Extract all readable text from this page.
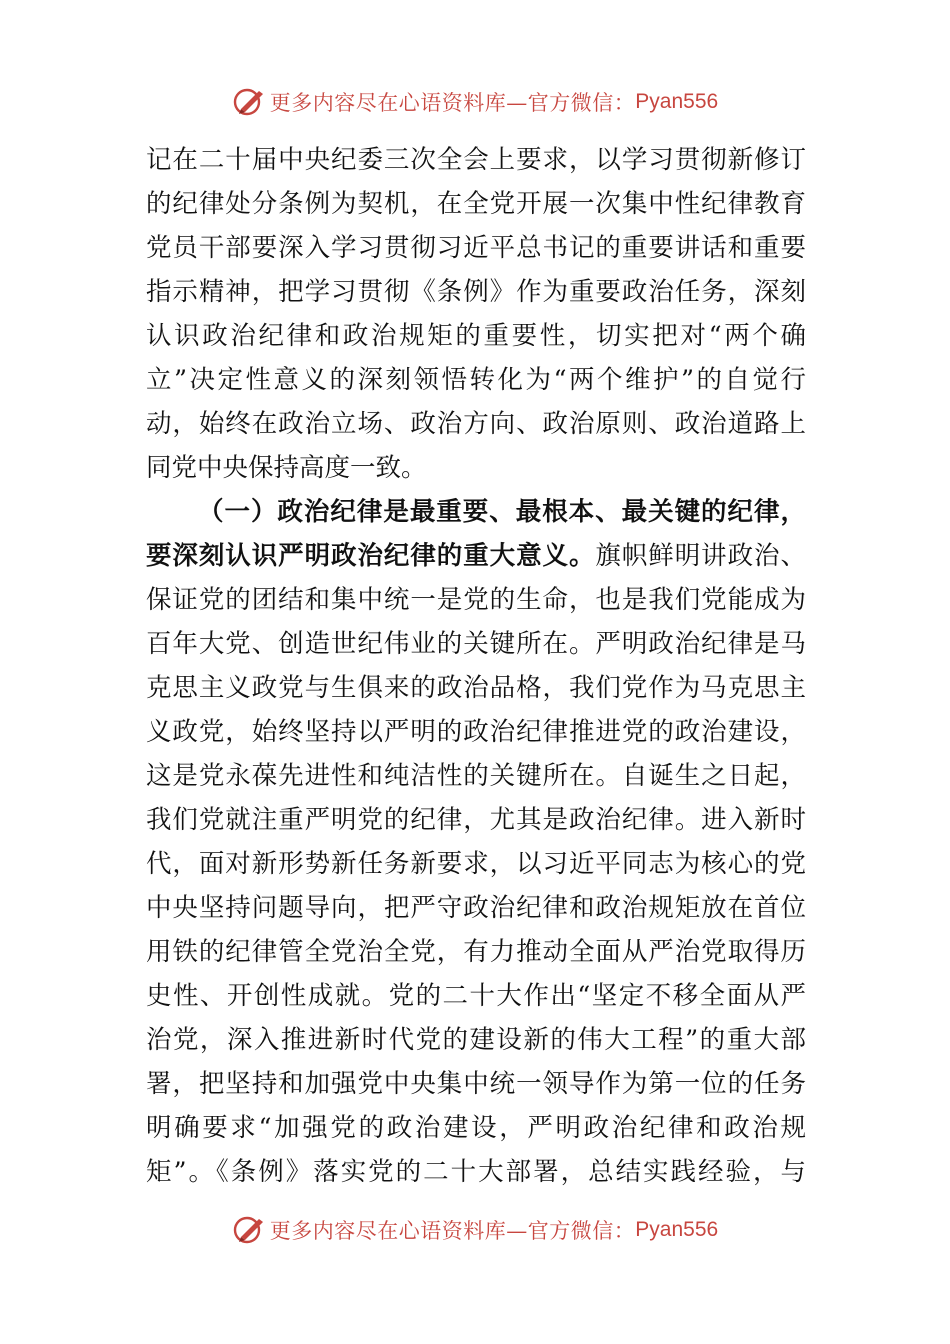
更多内容尽在心语资料库—官方微信： Pyan556
记在二十届中央纪委三次全会上要求，以学习贯彻新修订
的纪律处分条例为契机，在全党开展一次集中性纪律教育
党员干部要深入学习贯彻习近平总书记的重要讲话和重要
指示精神，把学习贯彻《条例》作为重要政治任务，深刻
认识政治纪律和政治规矩的重要性，切实把对“两个确
立”决定性意义的深刻领悟转化为“两个维护”的自觉行
动，始终在政治立场、政治方向、政治原则、政治道路上
同党中央保持高度一致。
（一）政治纪律是最重要、最根本、最关键的纪律，
要深刻认识严明政治纪律的重大意义。旗帜鲜明讲政治、
保证党的团结和集中统一是党的生命，也是我们党能成为
百年大党、创造世纪伟业的关键所在。严明政治纪律是马
克思主义政党与生俱来的政治品格，我们党作为马克思主
义政党，始终坚持以严明的政治纪律推进党的政治建设，
这是党永葆先进性和纯洁性的关键所在。自诞生之日起，
我们党就注重严明党的纪律，尤其是政治纪律。进入新时
代，面对新形势新任务新要求，以习近平同志为核心的党
中央坚持问题导向，把严守政治纪律和政治规矩放在首位
用铁的纪律管全党治全党，有力推动全面从严治党取得历
史性、开创性成就。党的二十大作出“坚定不移全面从严
治党，深入推进新时代党的建设新的伟大工程”的重大部
署，把坚持和加强党中央集中统一领导作为第一位的任务
明确要求“加强党的政治建设，严明政治纪律和政治规
矩”。《条例》落实党的二十大部署，总结实践经验，与
更多内容尽在心语资料库—官方微信： Pyan556
